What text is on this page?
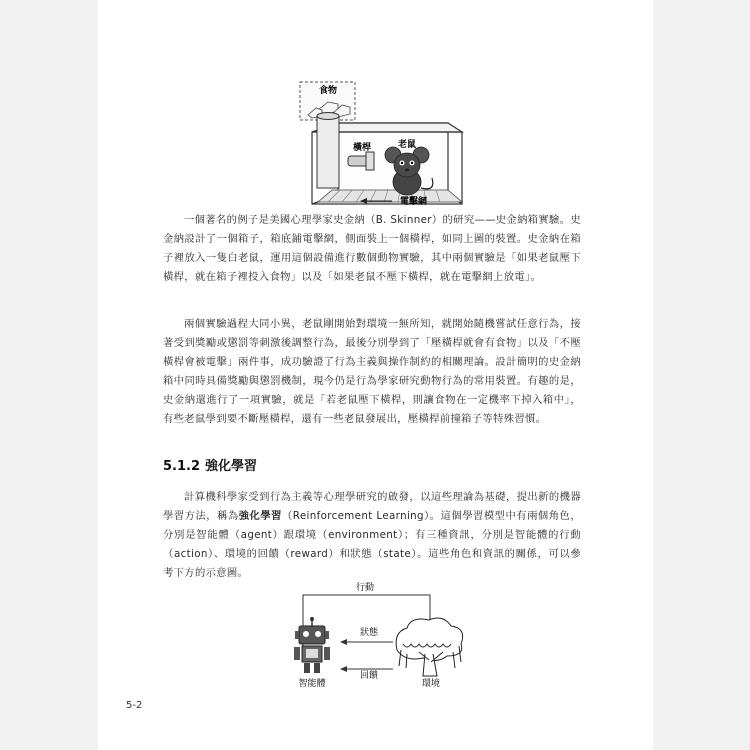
食物
橫桿	老鼠
電擊網

一個著名的例子是美國心理學家史金納（B. Skinner）的研究——史金納箱實驗。史金納設計了一個箱子，箱底鋪電擊網，側面裝上一個橫桿，如同上圖的裝置。史金納在箱子裡放入一隻白老鼠，運用這個設備進行數個動物實驗，其中兩個實驗是「如果老鼠壓下橫桿，就在箱子裡投入食物」以及「如果老鼠不壓下橫桿，就在電擊網上放電」。

兩個實驗過程大同小異，老鼠剛開始對環境一無所知，就開始隨機嘗試任意行為，接著受到獎勵或懲罰等刺激後調整行為，最後分別學到了「壓橫桿就會有食物」以及「不壓橫桿會被電擊」兩件事，成功驗證了行為主義與操作制約的相關理論。設計簡明的史金納箱中同時具備獎勵與懲罰機制，現今仍是行為學家研究動物行為的常用裝置。有趣的是，史金納還進行了一項實驗，就是「若老鼠壓下橫桿，則讓食物在一定機率下掉入箱中」，有些老鼠學到要不斷壓橫桿，還有一些老鼠發展出，壓橫桿前撞箱子等特殊習慣。

5.1.2 強化學習

計算機科學家受到行為主義等心理學研究的啟發，以這些理論為基礎，提出新的機器學習方法，稱為強化學習（Reinforcement Learning）。這個學習模型中有兩個角色，分別是智能體（agent）跟環境（environment）；有三種資訊，分別是智能體的行動（action）、環境的回饋（reward）和狀態（state）。這些角色和資訊的關係，可以參考下方的示意圖。

行動
狀態
回饋
智能體	環境
5-2
